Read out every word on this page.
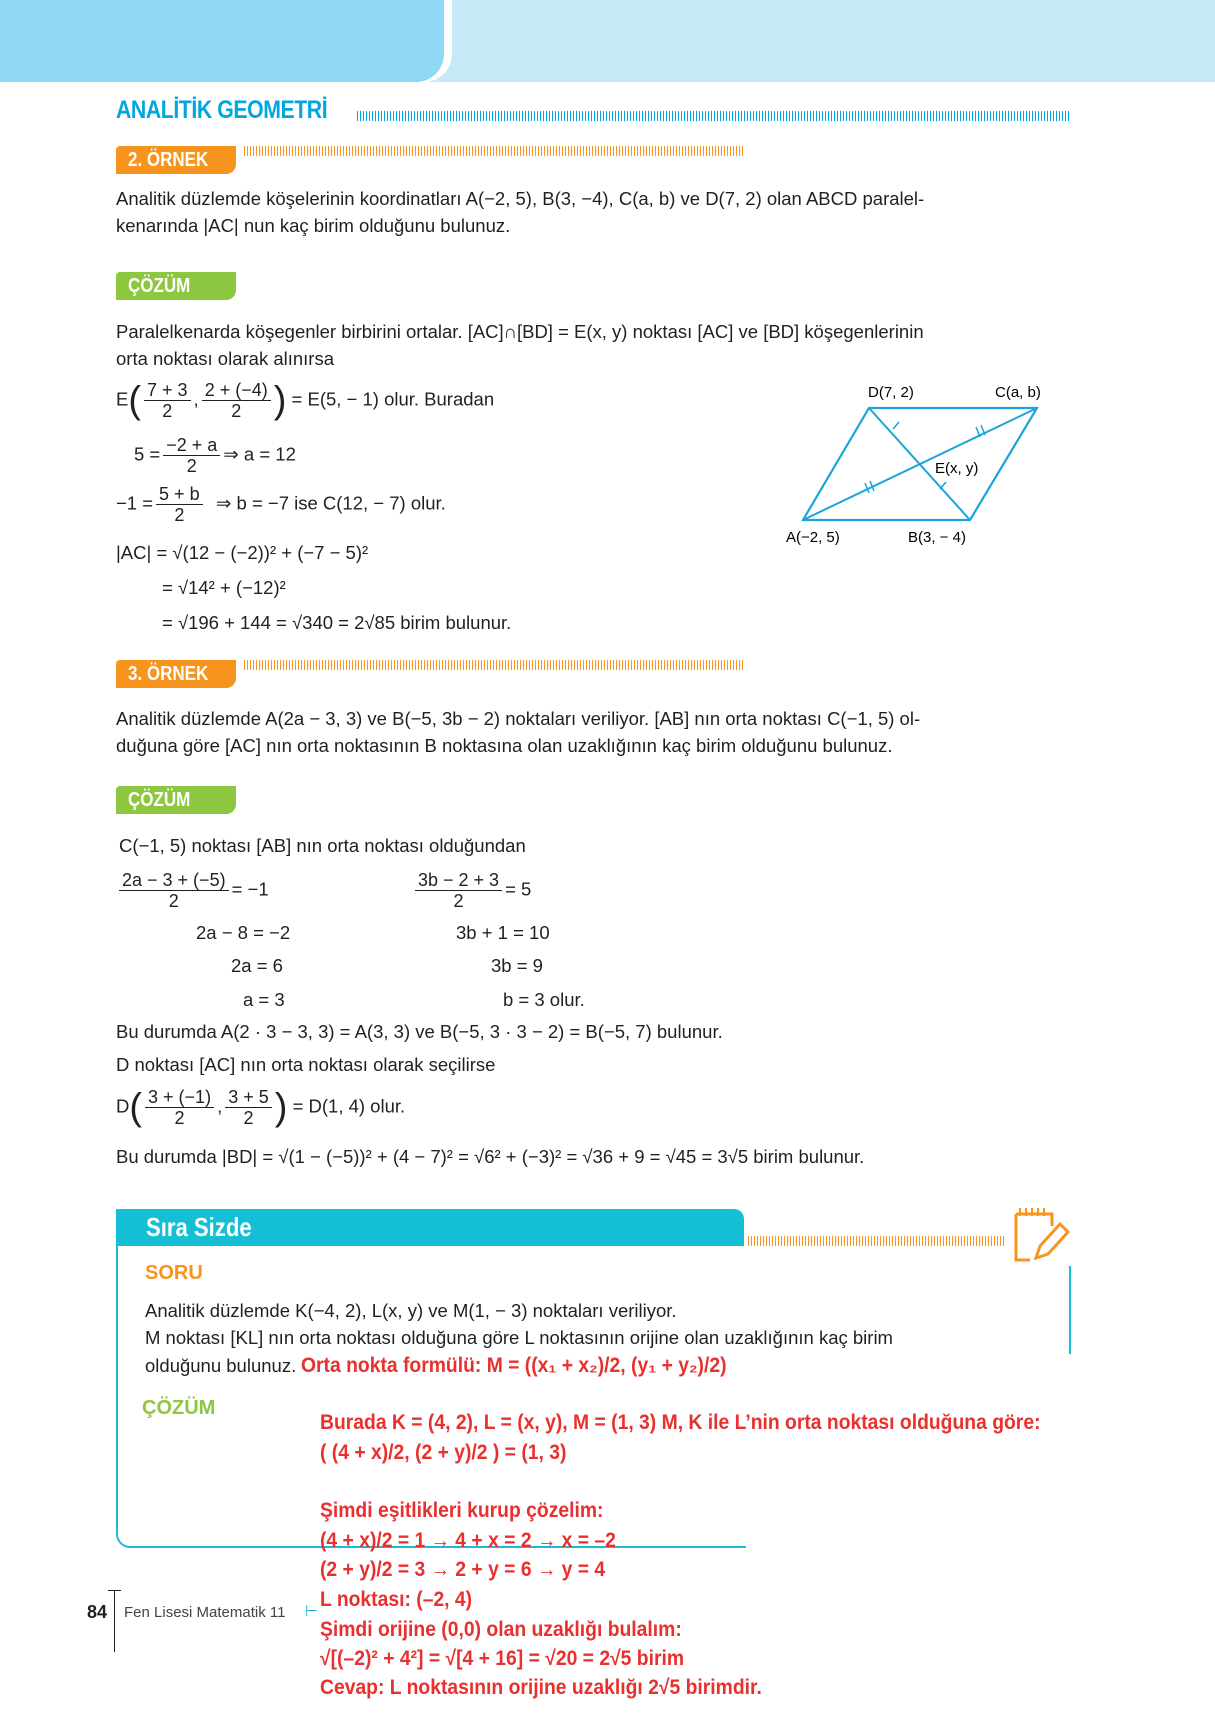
ANALİTİK GEOMETRİ
2. ÖRNEK
Analitik düzlemde köşelerinin koordinatları A(−2, 5), B(3, −4), C(a, b) ve D(7, 2) olan ABCD paralel-
kenarında |AC| nun kaç birim olduğunu bulunuz.
ÇÖZÜM
Paralelkenarda köşegenler birbirini ortalar. [AC]∩[BD] = E(x, y) noktası [AC] ve [BD] köşegenlerinin
orta noktası olarak alınırsa
$E( \frac{7 + 3}{2}$ , $\frac{2 + (-4)}{2}$ ) = E(5, − 1) olur. Buradan
$5 = \frac{-2 + a}{2}$ ⇒ a = 12
$-1 = \frac{5 + b}{2}$ ⇒ b = −7 ise C(12, − 7) olur.
|AC| = √(12 − (−2))² + (−7 − 5)²
= √14² + (−12)²
= √196 + 144 = √340 = 2√85 birim bulunur.
D(7, 2)	C(a, b)
E(x, y)
A(−2, 5)	B(3, − 4)
3. ÖRNEK
Analitik düzlemde A(2a − 3, 3) ve B(−5, 3b − 2) noktaları veriliyor. [AB] nın orta noktası C(−1, 5) ol-
duğuna göre [AC] nın orta noktasının B noktasına olan uzaklığının kaç birim olduğunu bulunuz.
ÇÖZÜM
C(−1, 5) noktası [AB] nın orta noktası olduğundan
$\frac{2a - 3 + (-5)}{2} = -1$	$\frac{3b - 2 + 3}{2} = 5$
2a − 8 = −2
2a = 6
a = 3
3b + 1 = 10
3b = 9
b = 3 olur.
Bu durumda A(2 · 3 − 3, 3) = A(3, 3) ve B(−5, 3 · 3 − 2) = B(−5, 7) bulunur.
D noktası [AC] nın orta noktası olarak seçilirse
$D( \frac{3 + (-1)}{2}$ , $\frac{3 + 5}{2}$ ) = D(1, 4) olur.
Bu durumda |BD| = √(1 − (−5))² + (4 − 7)² = √6² + (−3)² = √36 + 9 = √45 = 3√5 birim bulunur.
Sıra Sizde
SORU
Analitik düzlemde K(−4, 2), L(x, y) ve M(1, − 3) noktaları veriliyor.
M noktası [KL] nın orta noktası olduğuna göre L noktasının orijine olan uzaklığının kaç birim
olduğunu bulunuz. Orta nokta formülü: M = ((x₁ + x₂)/2, (y₁ + y₂)/2)
ÇÖZÜM
Burada K = (4, 2), L = (x, y), M = (1, 3) M, K ile L’nin orta noktası olduğuna göre:
( (4 + x)/2, (2 + y)/2 ) = (1, 3)
Şimdi eşitlikleri kurup çözelim:
(4 + x)/2 = 1 → 4 + x = 2 → x = –2
(2 + y)/2 = 3 → 2 + y = 6 → y = 4
L noktası: (–2, 4)
Şimdi orijine (0,0) olan uzaklığı bulalım:
√[(–2)² + 4²] = √[4 + 16] = √20 = 2√5 birim
Cevap: L noktasının orijine uzaklığı 2√5 birimdir.
84 Fen Lisesi Matematik 11 ⊢
